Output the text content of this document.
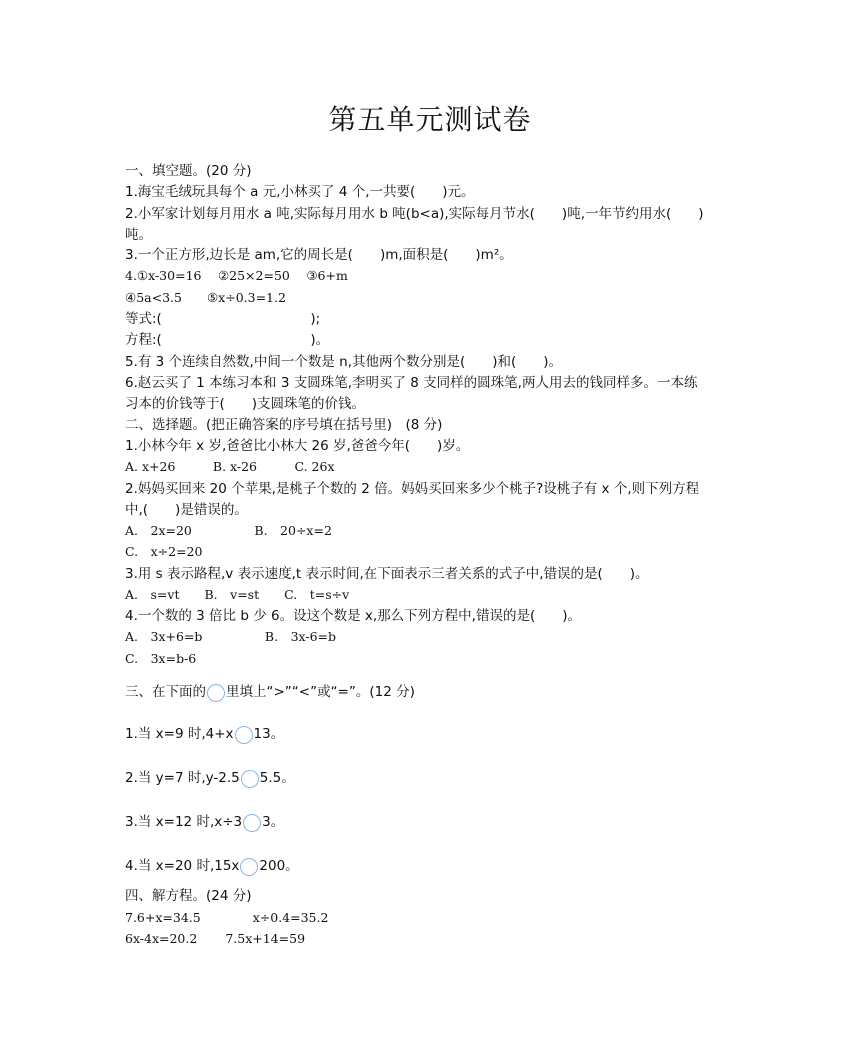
第五单元测试卷
一、填空题。(20 分)
1.海宝毛绒玩具每个 a 元,小林买了 4 个,一共要(　　)元。
2.小军家计划每月用水 a 吨,实际每月用水 b 吨(b<a),实际每月节水(　　)吨,一年节约用水(　　)
吨。
3.一个正方形,边长是 am,它的周长是(　　)m,面积是(　　)m²。
4.①x-30=16　 ②25×2=50　 ③6+m
④5a<3.5　　⑤x÷0.3=1.2
等式:(　　　　　　　　　　　);
方程:(　　　　　　　　　　　)。
5.有 3 个连续自然数,中间一个数是 n,其他两个数分别是(　　)和(　　)。
6.赵云买了 1 本练习本和 3 支圆珠笔,李明买了 8 支同样的圆珠笔,两人用去的钱同样多。一本练
习本的价钱等于(　　)支圆珠笔的价钱。
二、选择题。(把正确答案的序号填在括号里)　(8 分)
1.小林今年 x 岁,爸爸比小林大 26 岁,爸爸今年(　　)岁。
A. x+26　　　B. x-26　　　C. 26x
2.妈妈买回来 20 个苹果,是桃子个数的 2 倍。妈妈买回来多少个桃子?设桃子有 x 个,则下列方程
中,(　　)是错误的。
A.　2x=20　　　　　B.　20÷x=2
C.　x÷2=20
3.用 s 表示路程,v 表示速度,t 表示时间,在下面表示三者关系的式子中,错误的是(　　)。
A.　s=vt　　B.　v=st　　C.　t=s÷v
4.一个数的 3 倍比 b 少 6。设这个数是 x,那么下列方程中,错误的是(　　)。
A.　3x+6=b　　　　　B.　3x-6=b
C.　3x=b-6
三、在下面的 里填上“>”“<”或“=”。(12 分)
1.当 x=9 时,4+x 13。
2.当 y=7 时,y-2.5 5.5。
3.当 x=12 时,x÷3 3。
4.当 x=20 时,15x 200。
四、解方程。(24 分)
7.6+x=34.5	x÷0.4=35.2
6x-4x=20.2 7.5x+14=59
